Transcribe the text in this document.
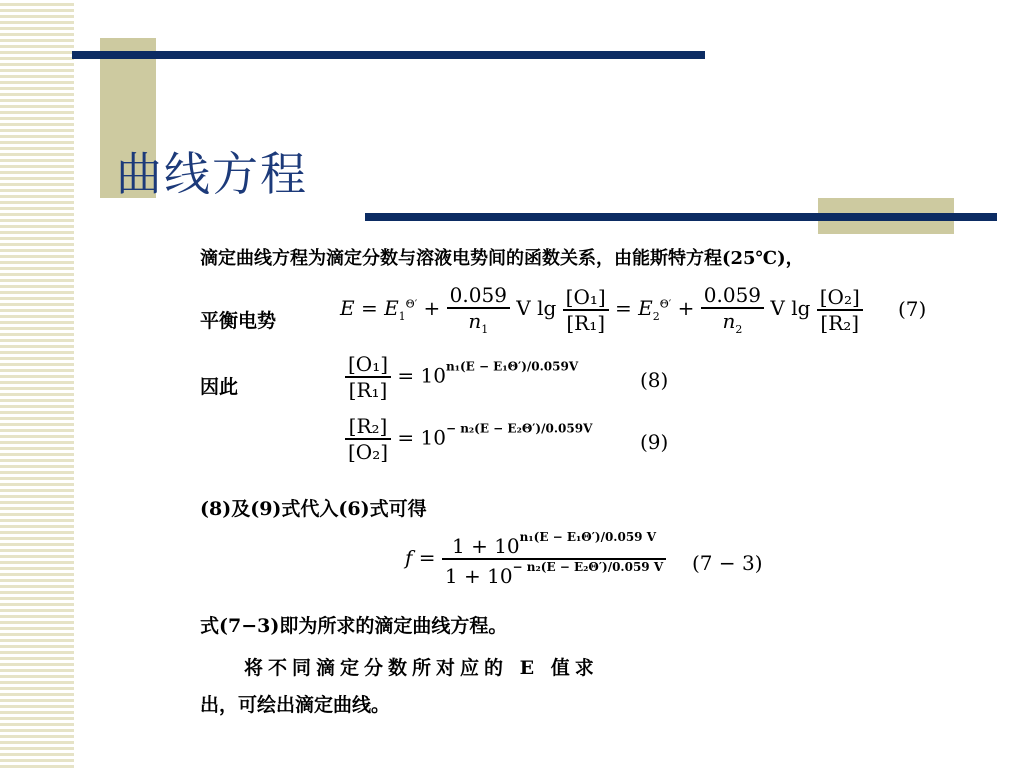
曲线方程
滴定曲线方程为滴定分数与溶液电势间的函数关系，由能斯特方程(25℃)，
平衡电势
$E = E_1^{\Theta'} + \frac{0.059}{n_1}$ V $\lg \frac{\text{[O₁]}}{\text{[R₁]}} = E_2^{\Theta'} + \frac{0.059}{n_2}$ V $\lg \frac{\text{[O₂]}}{\text{[R₂]}} (7)$
因此	$\frac{\text{[O₁]}}{\text{[R₁]}} = 10^{n_1(E - E_1\Theta')/0.059V}$
(8)
$\frac{\text{[R₂]}}{\text{[O₂]}} = 10^{- n_2(E - E_2\Theta')/0.059V}$
(9)
(8)及(9)式代入(6)式可得
$f = \frac{1 + 10^{n_1(E - E_1\Theta')/0.059 V}}{1 + 10^{- n_2(E - E_2\Theta')/0.059 V}} (7 - 3)$
式(7−3)即为所求的滴定曲线方程。
将不同滴定分数所对应的 E 值求
出，可绘出滴定曲线。
